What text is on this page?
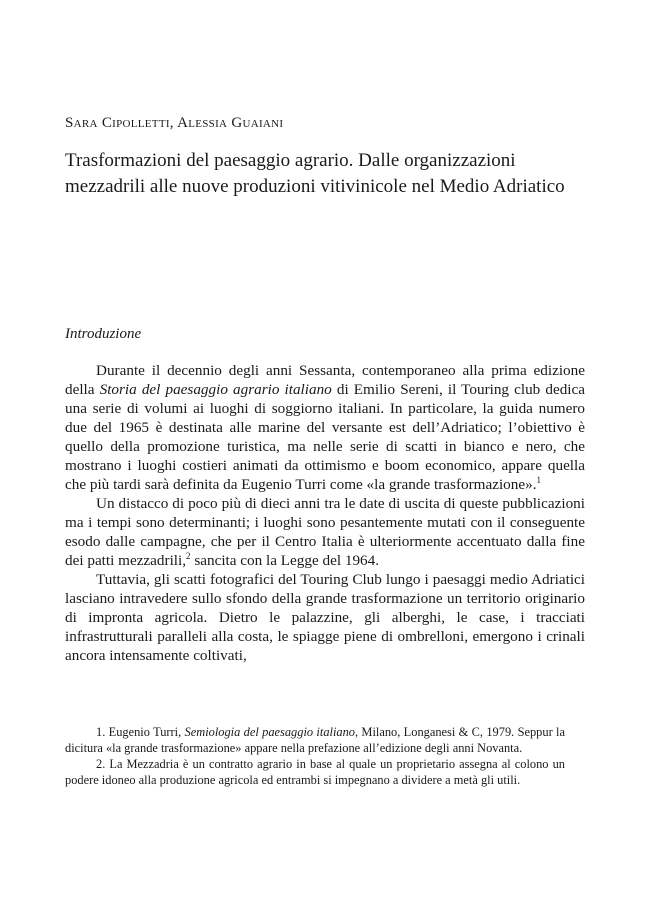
Sara Cipolletti, Alessia Guaiani
Trasformazioni del paesaggio agrario. Dalle organizzazioni
mezzadrili alle nuove produzioni vitivinicole nel Medio Adriatico
Introduzione

Durante il decennio degli anni Sessanta, contemporaneo alla prima edizione della Storia del paesaggio agrario italiano di Emilio Sereni, il Touring club dedica una serie di volumi ai luoghi di soggiorno italiani. In particolare, la guida numero due del 1965 è destinata alle marine del versante est dell’Adriatico; l’obiettivo è quello della promozione turistica, ma nelle serie di scatti in bianco e nero, che mostrano i luoghi costieri animati da ottimismo e boom economico, appare quella che più tardi sarà definita da Eugenio Turri come «la grande trasformazione».$^1$

Un distacco di poco più di dieci anni tra le date di uscita di queste pubblicazioni ma i tempi sono determinanti; i luoghi sono pesantemente mutati con il conseguente esodo dalle campagne, che per il Centro Italia è ulteriormente accentuato dalla fine dei patti mezzadrili,$^2$ sancita con la Legge del 1964.

Tuttavia, gli scatti fotografici del Touring Club lungo i paesaggi medio Adriatici lasciano intravedere sullo sfondo della grande trasformazione un territorio originario di impronta agricola. Dietro le palazzine, gli alberghi, le case, i tracciati infrastrutturali paralleli alla costa, le spiagge piene di ombrelloni, emergono i crinali ancora intensamente coltivati,

1. Eugenio Turri, Semiologia del paesaggio italiano, Milano, Longanesi & C, 1979. Seppur la dicitura «la grande trasformazione» appare nella prefazione all’edizione degli anni Novanta.

2. La Mezzadria è un contratto agrario in base al quale un proprietario assegna al colono un podere idoneo alla produzione agricola ed entrambi si impegnano a dividere a metà gli utili.
